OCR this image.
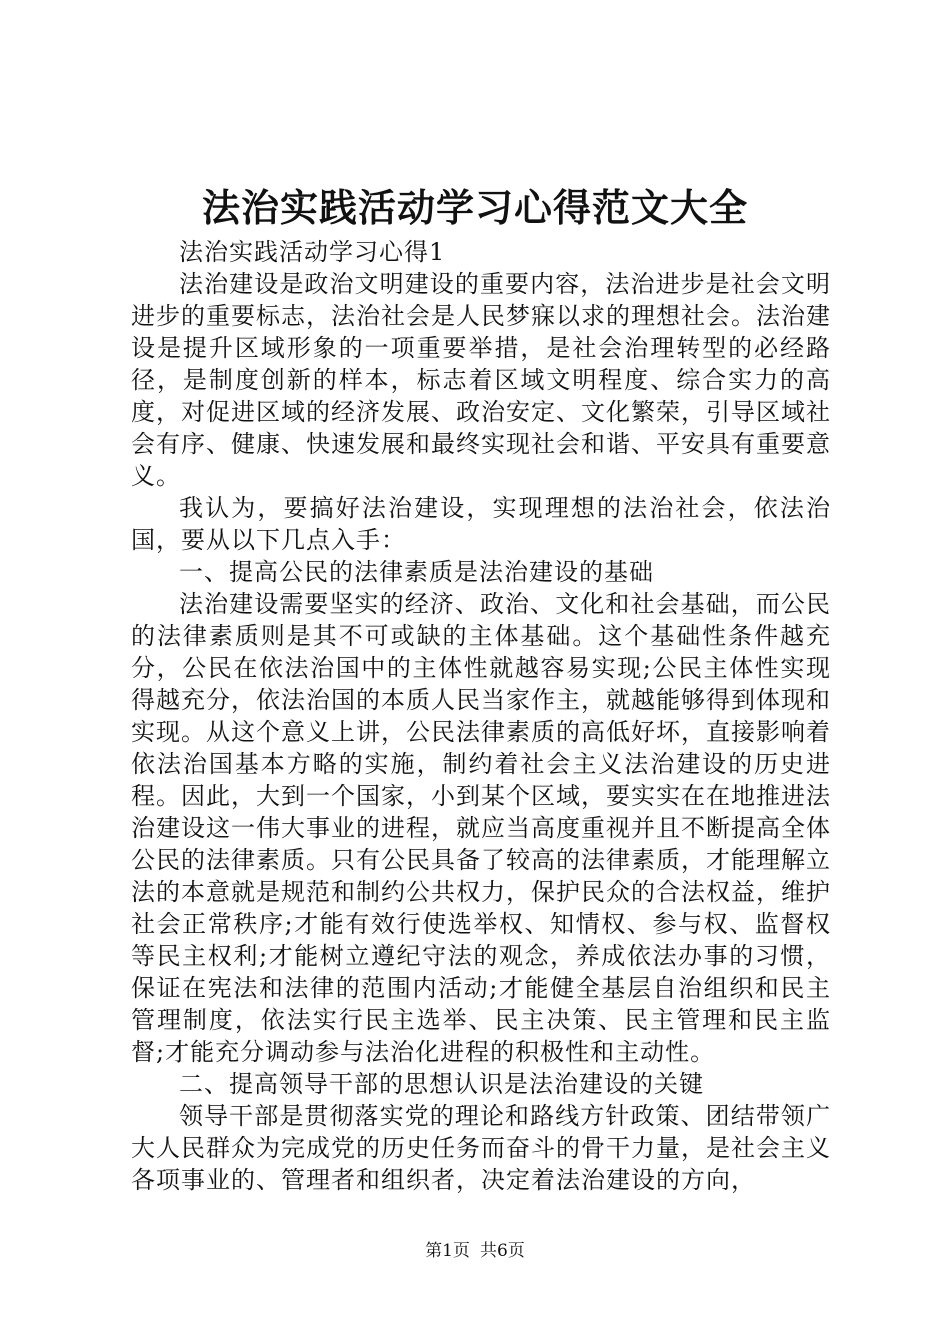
法治实践活动学习心得范文大全

法治实践活动学习心得1

法治建设是政治文明建设的重要内容，法治进步是社会文明进步的重要标志，法治社会是人民梦寐以求的理想社会。法治建设是提升区域形象的一项重要举措，是社会治理转型的必经路径，是制度创新的样本，标志着区域文明程度、综合实力的高度，对促进区域的经济发展、政治安定、文化繁荣，引导区域社会有序、健康、快速发展和最终实现社会和谐、平安具有重要意义。

我认为，要搞好法治建设，实现理想的法治社会，依法治国，要从以下几点入手：

一、提高公民的法律素质是法治建设的基础

法治建设需要坚实的经济、政治、文化和社会基础，而公民的法律素质则是其不可或缺的主体基础。这个基础性条件越充分，公民在依法治国中的主体性就越容易实现;公民主体性实现得越充分，依法治国的本质人民当家作主，就越能够得到体现和实现。从这个意义上讲，公民法律素质的高低好坏，直接影响着依法治国基本方略的实施，制约着社会主义法治建设的历史进程。因此，大到一个国家，小到某个区域，要实实在在地推进法治建设这一伟大事业的进程，就应当高度重视并且不断提高全体公民的法律素质。只有公民具备了较高的法律素质，才能理解立法的本意就是规范和制约公共权力，保护民众的合法权益，维护社会正常秩序;才能有效行使选举权、知情权、参与权、监督权等民主权利;才能树立遵纪守法的观念，养成依法办事的习惯，保证在宪法和法律的范围内活动;才能健全基层自治组织和民主管理制度，依法实行民主选举、民主决策、民主管理和民主监督;才能充分调动参与法治化进程的积极性和主动性。

二、提高领导干部的思想认识是法治建设的关键

领导干部是贯彻落实党的理论和路线方针政策、团结带领广大人民群众为完成党的历史任务而奋斗的骨干力量，是社会主义各项事业的、管理者和组织者，决定着法治建设的方向，

第1页 共6页
